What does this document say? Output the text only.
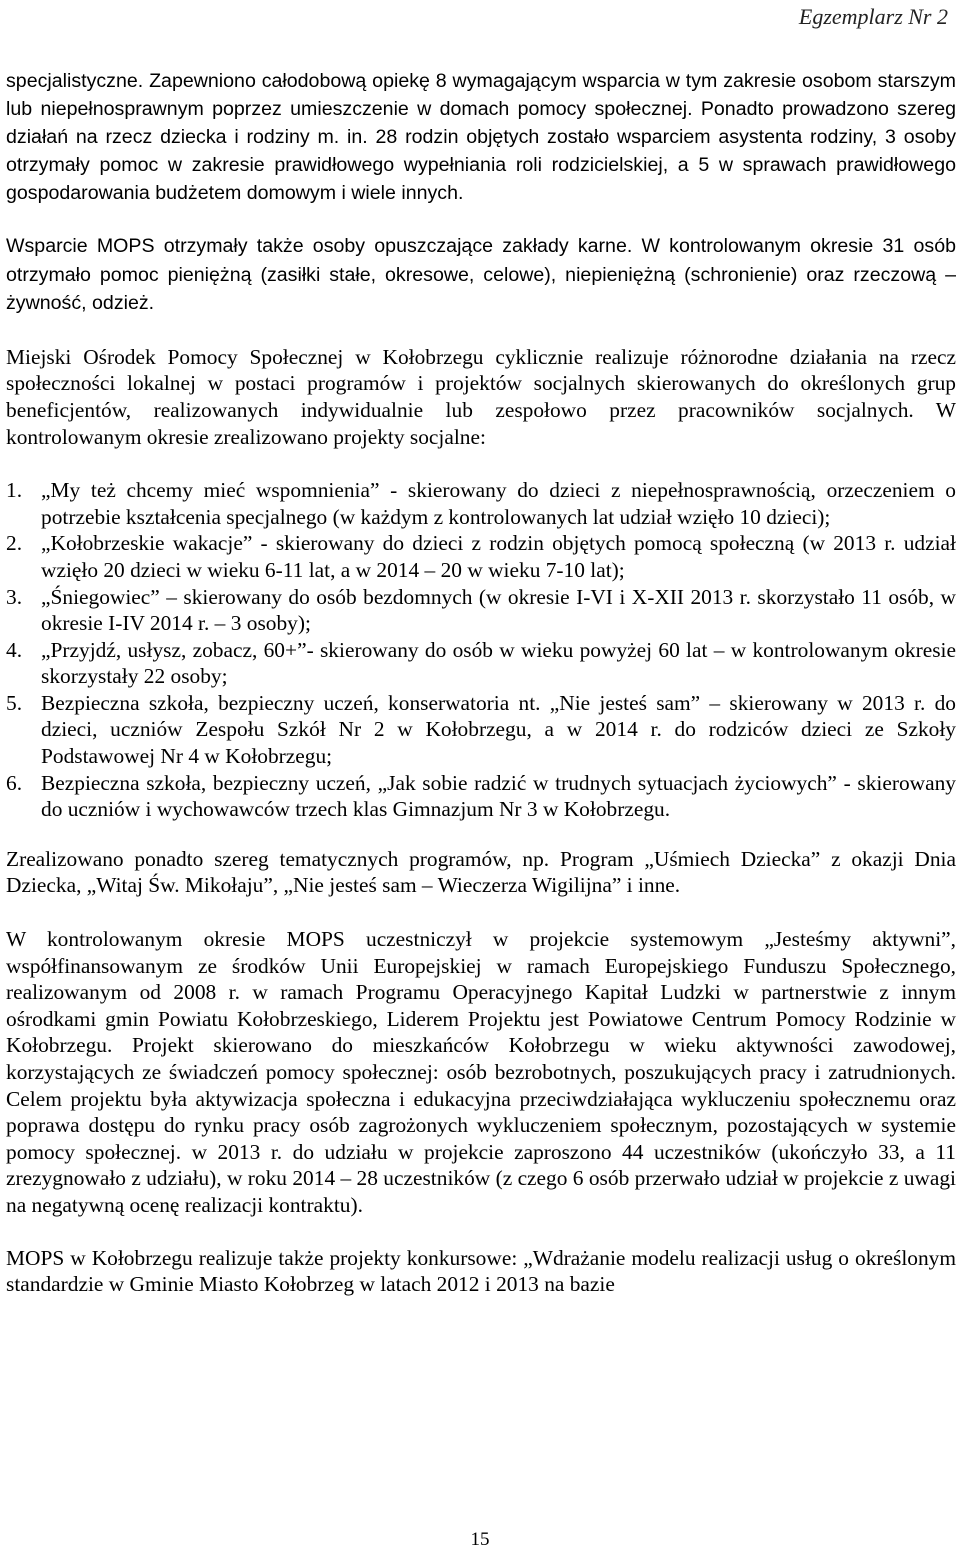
Egzemplarz Nr 2

specjalistyczne. Zapewniono całodobową opiekę 8 wymagającym wsparcia w tym zakresie osobom starszym lub niepełnosprawnym poprzez umieszczenie w domach pomocy społecznej. Ponadto prowadzono szereg działań na rzecz dziecka i rodziny m. in. 28 rodzin objętych zostało wsparciem asystenta rodziny, 3 osoby otrzymały pomoc w zakresie prawidłowego wypełniania roli rodzicielskiej, a 5 w sprawach prawidłowego gospodarowania budżetem domowym i wiele innych.

Wsparcie MOPS otrzymały także osoby opuszczające zakłady karne. W kontrolowanym okresie 31 osób otrzymało pomoc pieniężną (zasiłki stałe, okresowe, celowe), niepieniężną (schronienie) oraz rzeczową – żywność, odzież.

Miejski Ośrodek Pomocy Społecznej w Kołobrzegu cyklicznie realizuje różnorodne działania na rzecz społeczności lokalnej w postaci programów i projektów socjalnych skierowanych do określonych grup beneficjentów, realizowanych indywidualnie lub zespołowo przez pracowników socjalnych. W kontrolowanym okresie zrealizowano projekty socjalne:

1. „My też chcemy mieć wspomnienia” - skierowany do dzieci z niepełnosprawnością, orzeczeniem o potrzebie kształcenia specjalnego (w każdym z kontrolowanych lat udział wzięło 10 dzieci);
2. „Kołobrzeskie wakacje” - skierowany do dzieci z rodzin objętych pomocą społeczną (w 2013 r. udział wzięło 20 dzieci w wieku 6-11 lat, a w 2014 – 20 w wieku 7-10 lat);
3. „Śniegowiec” – skierowany do osób bezdomnych (w okresie I-VI i X-XII 2013 r. skorzystało 11 osób, w okresie I-IV 2014 r. – 3 osoby);
4. „Przyjdź, usłysz, zobacz, 60+”- skierowany do osób w wieku powyżej 60 lat – w kontrolowanym okresie skorzystały 22 osoby;
5. Bezpieczna szkoła, bezpieczny uczeń, konserwatoria nt. „Nie jesteś sam” – skierowany w 2013 r. do dzieci, uczniów Zespołu Szkół Nr 2 w Kołobrzegu, a w 2014 r. do rodziców dzieci ze Szkoły Podstawowej Nr 4 w Kołobrzegu;
6. Bezpieczna szkoła, bezpieczny uczeń, „Jak sobie radzić w trudnych sytuacjach życiowych” - skierowany do uczniów i wychowawców trzech klas Gimnazjum Nr 3 w Kołobrzegu.

Zrealizowano ponadto szereg tematycznych programów, np. Program „Uśmiech Dziecka” z okazji Dnia Dziecka, „Witaj Św. Mikołaju”, „Nie jesteś sam – Wieczerza Wigilijna” i inne.

W kontrolowanym okresie MOPS uczestniczył w projekcie systemowym „Jesteśmy aktywni”, współfinansowanym ze środków Unii Europejskiej w ramach Europejskiego Funduszu Społecznego, realizowanym od 2008 r. w ramach Programu Operacyjnego Kapitał Ludzki w partnerstwie z innym ośrodkami gmin Powiatu Kołobrzeskiego, Liderem Projektu jest Powiatowe Centrum Pomocy Rodzinie w Kołobrzegu. Projekt skierowano do mieszkańców Kołobrzegu w wieku aktywności zawodowej, korzystających ze świadczeń pomocy społecznej: osób bezrobotnych, poszukujących pracy i zatrudnionych. Celem projektu była aktywizacja społeczna i edukacyjna przeciwdziałająca wykluczeniu społecznemu oraz poprawa dostępu do rynku pracy osób zagrożonych wykluczeniem społecznym, pozostających w systemie pomocy społecznej. w 2013 r. do udziału w projekcie zaproszono 44 uczestników (ukończyło 33, a 11 zrezygnowało z udziału), w roku 2014 – 28 uczestników (z czego 6 osób przerwało udział w projekcie z uwagi na negatywną ocenę realizacji kontraktu).

MOPS w Kołobrzegu realizuje także projekty konkursowe: „Wdrażanie modelu realizacji usług o określonym standardzie w Gminie Miasto Kołobrzeg w latach 2012 i 2013 na bazie

15
